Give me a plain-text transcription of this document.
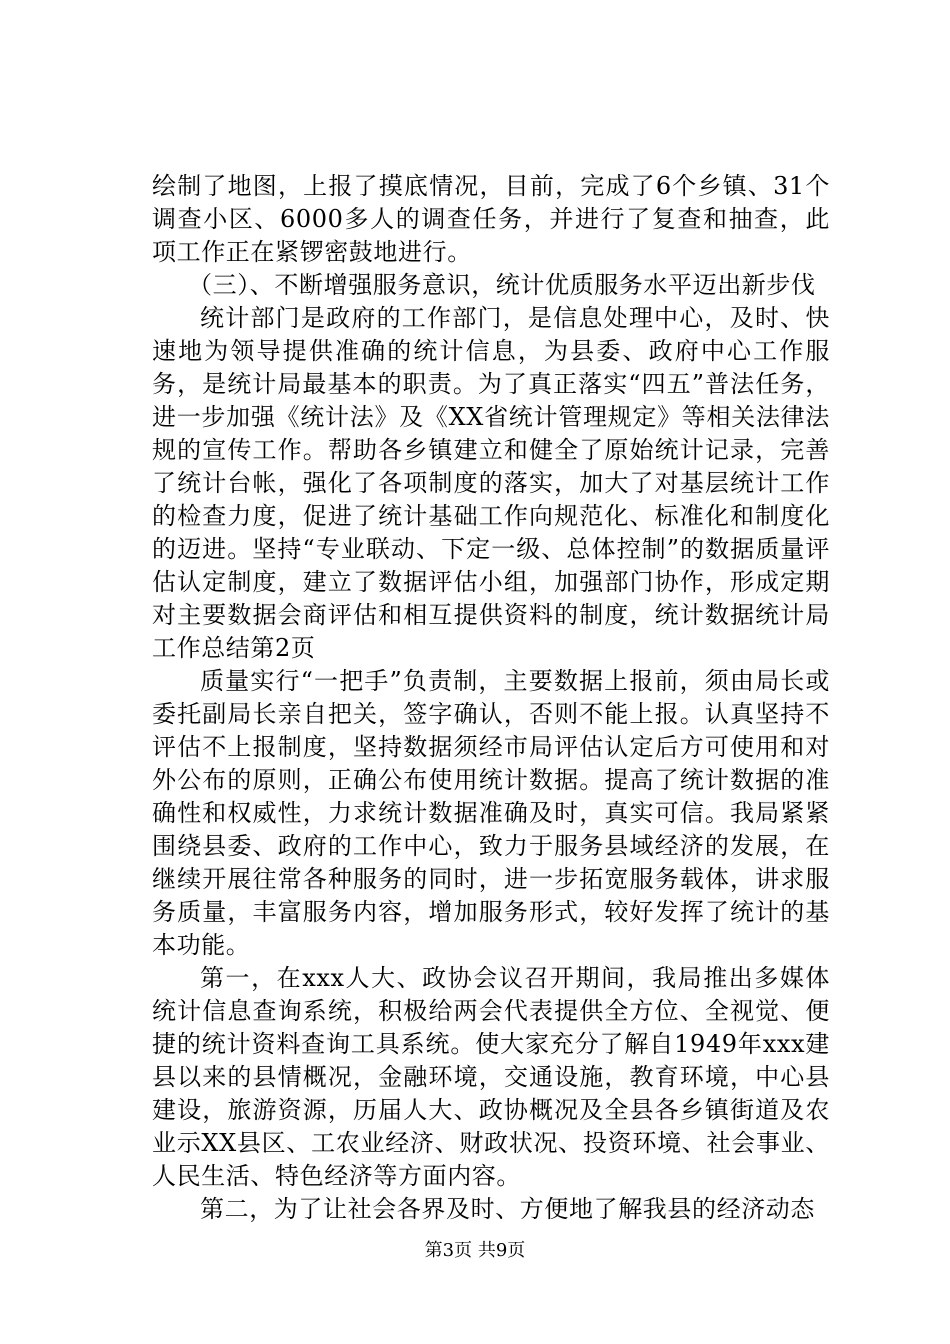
绘制了地图，上报了摸底情况，目前，完成了6个乡镇、31个调查小区、6000多人的调查任务，并进行了复查和抽查，此项工作正在紧锣密鼓地进行。

（三）、不断增强服务意识，统计优质服务水平迈出新步伐

统计部门是政府的工作部门，是信息处理中心，及时、快速地为领导提供准确的统计信息，为县委、政府中心工作服务，是统计局最基本的职责。为了真正落实“四五”普法任务，进一步加强《统计法》及《XX省统计管理规定》等相关法律法规的宣传工作。帮助各乡镇建立和健全了原始统计记录，完善了统计台帐，强化了各项制度的落实，加大了对基层统计工作的检查力度，促进了统计基础工作向规范化、标准化和制度化的迈进。坚持“专业联动、下定一级、总体控制”的数据质量评估认定制度，建立了数据评估小组，加强部门协作，形成定期对主要数据会商评估和相互提供资料的制度，统计数据统计局工作总结第2页

质量实行“一把手”负责制，主要数据上报前，须由局长或委托副局长亲自把关，签字确认，否则不能上报。认真坚持不评估不上报制度，坚持数据须经市局评估认定后方可使用和对外公布的原则，正确公布使用统计数据。提高了统计数据的准确性和权威性，力求统计数据准确及时，真实可信。我局紧紧围绕县委、政府的工作中心，致力于服务县域经济的发展，在继续开展往常各种服务的同时，进一步拓宽服务载体，讲求服务质量，丰富服务内容，增加服务形式，较好发挥了统计的基本功能。

第一，在xxx人大、政协会议召开期间，我局推出多媒体统计信息查询系统，积极给两会代表提供全方位、全视觉、便捷的统计资料查询工具系统。使大家充分了解自1949年xxx建县以来的县情概况，金融环境，交通设施，教育环境，中心县建设，旅游资源，历届人大、政协概况及全县各乡镇街道及农业示XX县区、工农业经济、财政状况、投资环境、社会事业、人民生活、特色经济等方面内容。

第二，为了让社会各界及时、方便地了解我县的经济动态

第3页 共9页
